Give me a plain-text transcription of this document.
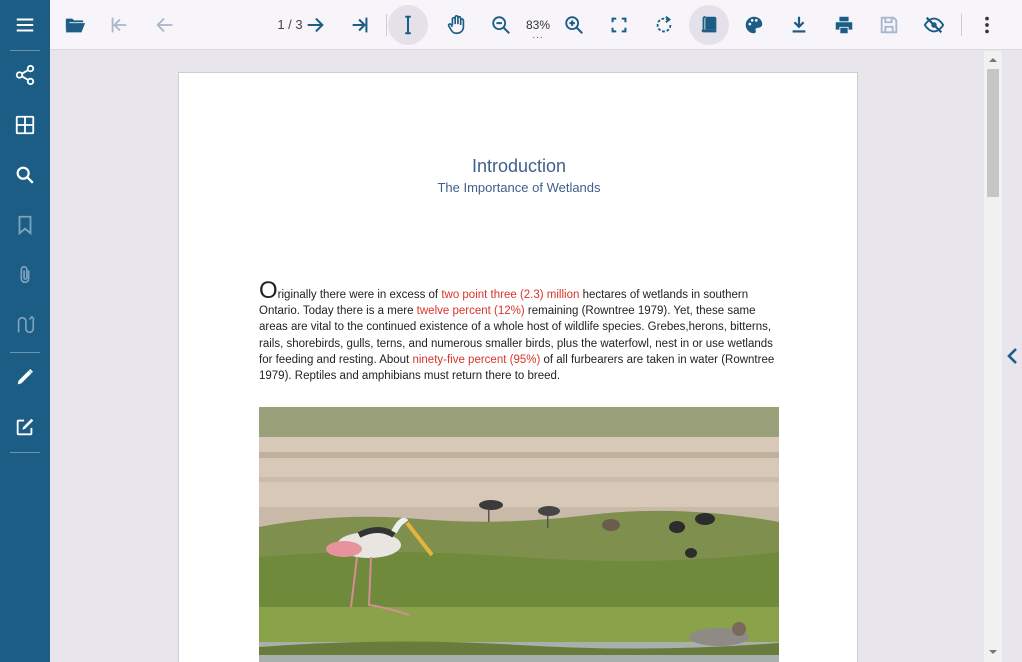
1 / 3	83%
...
Introduction
The Importance of Wetlands
Originally there were in excess of two point three (2.3) million hectares of wetlands in southern Ontario. Today there is a mere twelve percent (12%) remaining (Rowntree 1979). Yet, these same areas are vital to the continued existence of a whole host of wildlife species. Grebes,herons, bitterns, rails, shorebirds, gulls, terns, and numerous smaller birds, plus the waterfowl, nest in or use wetlands for feeding and resting. About ninety-five percent (95%) of all furbearers are taken in water (Rowntree 1979). Reptiles and amphibians must return there to breed.
